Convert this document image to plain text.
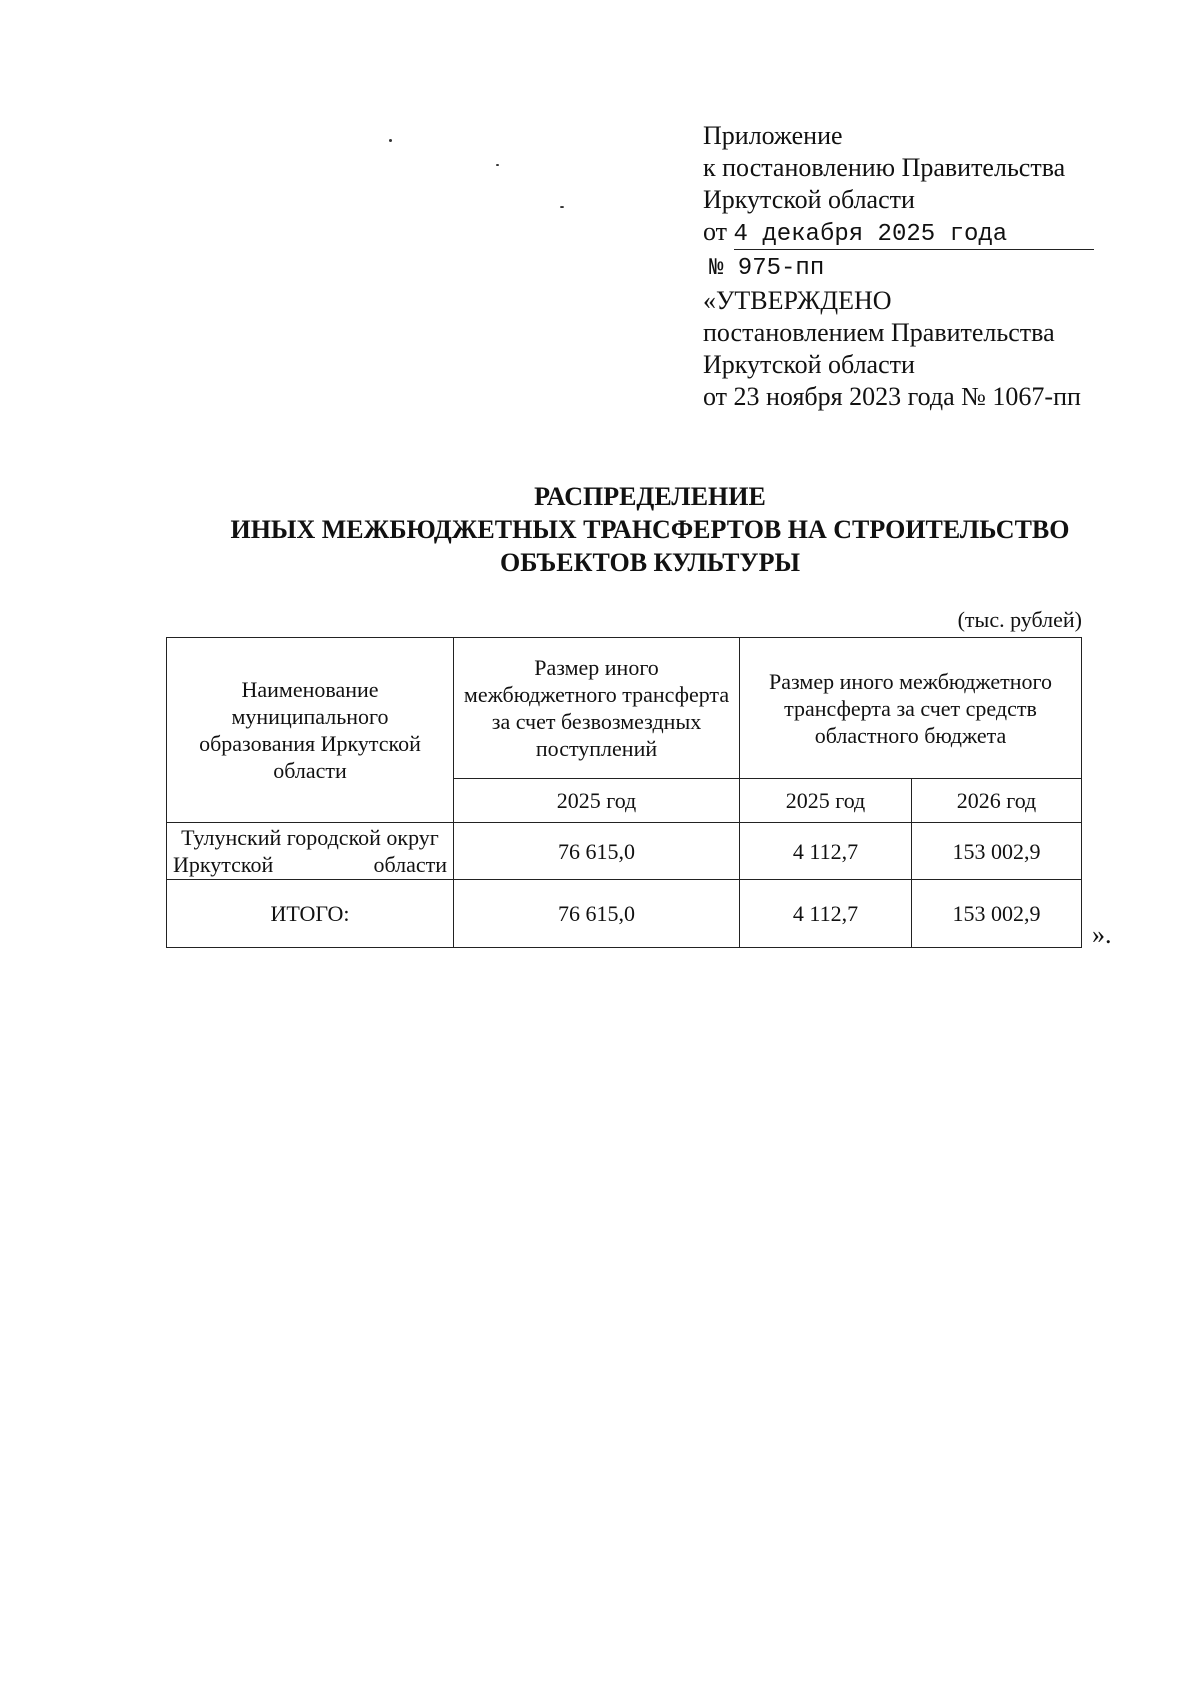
Приложение
к постановлению Правительства
Иркутской области
от 4 декабря 2025 года
№ 975-пп
«УТВЕРЖДЕНО
постановлением Правительства
Иркутской области
от 23 ноября 2023 года № 1067-пп
РАСПРЕДЕЛЕНИЕ
ИНЫХ МЕЖБЮДЖЕТНЫХ ТРАНСФЕРТОВ НА СТРОИТЕЛЬСТВО
ОБЪЕКТОВ КУЛЬТУРЫ
(тыс. рублей)
Наименование муниципального образования Иркутской области	Размер иного межбюджетного трансферта за счет безвозмездных поступлений	Размер иного межбюджетного трансферта за счет средств областного бюджета	
	2025 год	2025 год	2026 год
Тулунский городской округ Иркутской области	76 615,0	4 112,7	153 002,9
ИТОГО:	76 615,0	4 112,7	153 002,9
».
